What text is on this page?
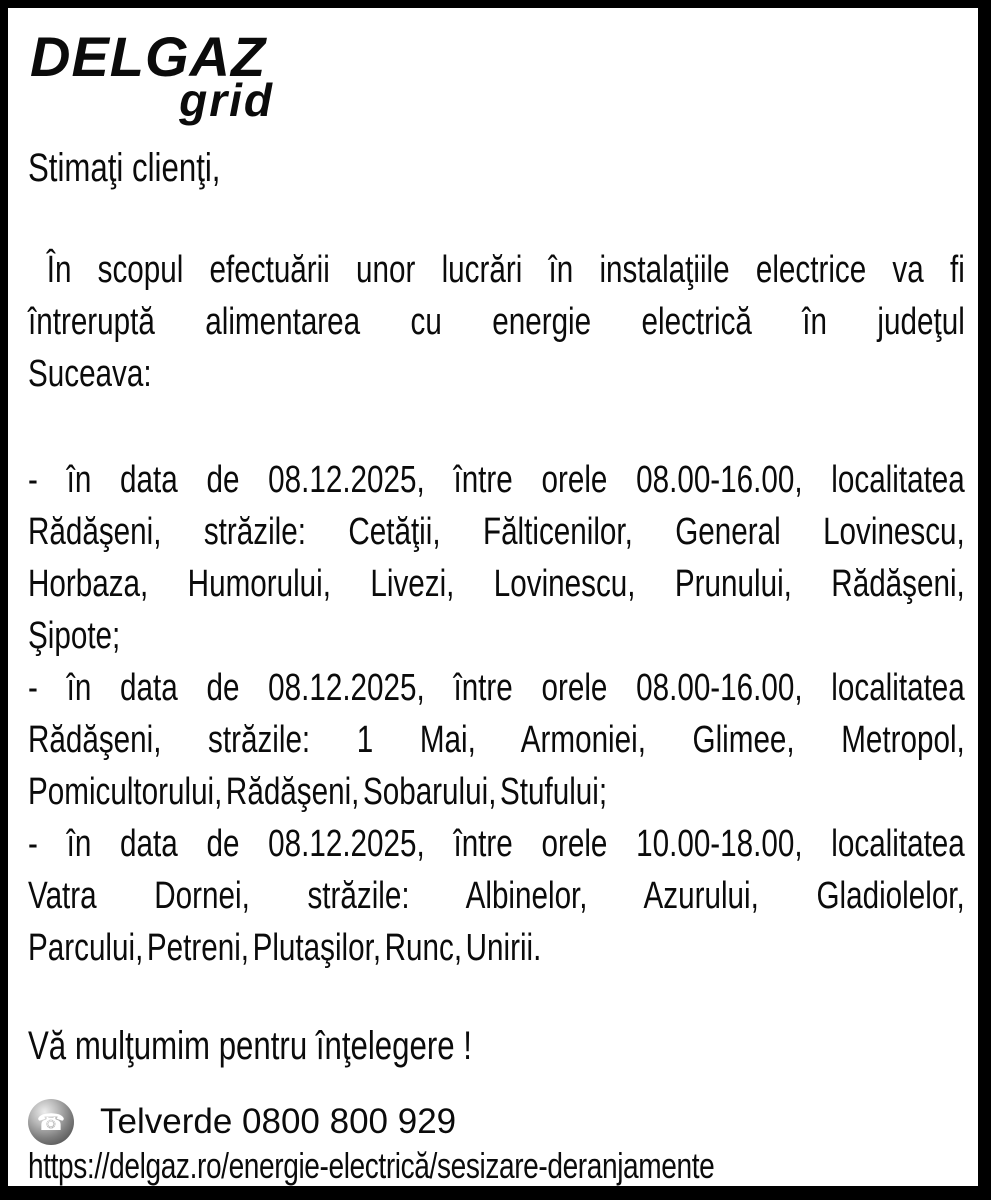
DELGAZ
grid
Stimaţi clienţi,
În scopul efectuării unor lucrări în instalaţiile electrice va fi
întreruptă alimentarea cu energie electrică în judeţul
Suceava:
- în data de 08.12.2025, între orele 08.00-16.00, localitatea
Rădăşeni, străzile: Cetăţii, Fălticenilor, General Lovinescu,
Horbaza, Humorului, Livezi, Lovinescu, Prunului, Rădăşeni,
Şipote;
- în data de 08.12.2025, între orele 08.00-16.00, localitatea
Rădăşeni, străzile: 1 Mai, Armoniei, Glimee, Metropol,
Pomicultorului, Rădăşeni, Sobarului, Stufului;
- în data de 08.12.2025, între orele 10.00-18.00, localitatea
Vatra Dornei, străzile: Albinelor, Azurului, Gladiolelor,
Parcului, Petreni, Plutaşilor, Runc, Unirii.
Vă mulţumim pentru înţelegere !
☎ Telverde 0800 800 929
https://delgaz.ro/energie-electrică/sesizare-deranjamente
